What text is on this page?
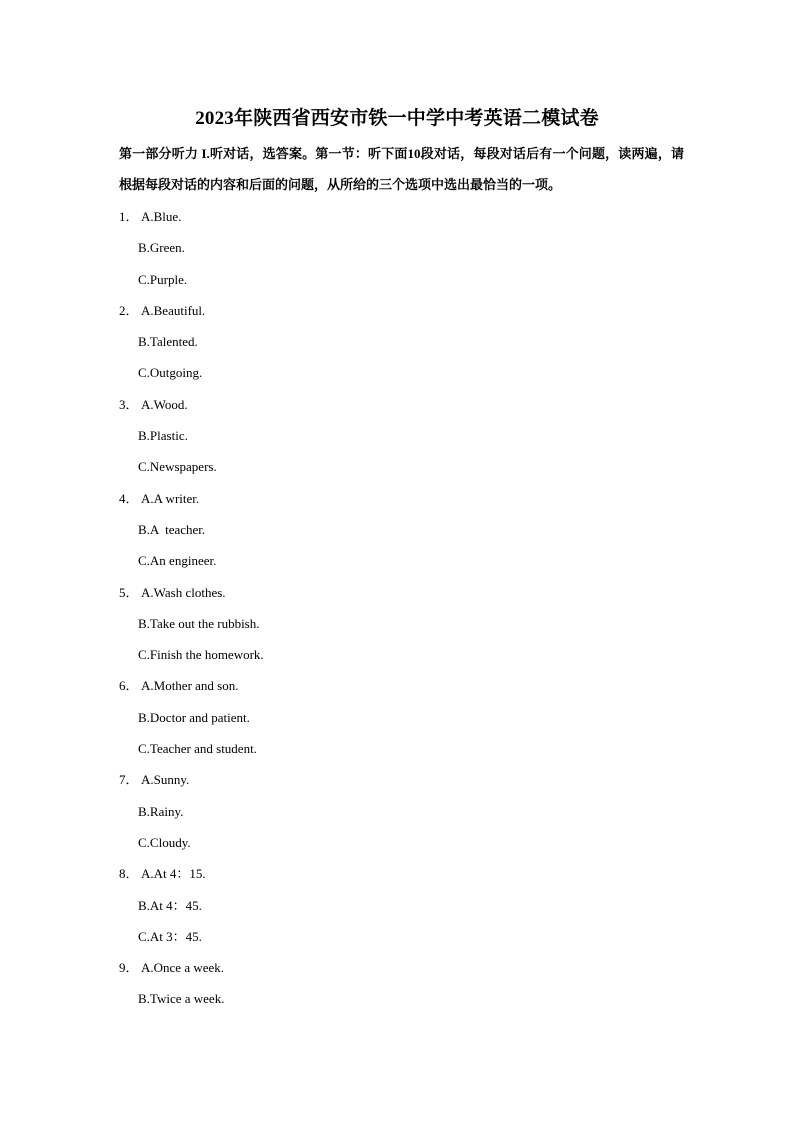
2023年陕西省西安市铁一中学中考英语二模试卷
第一部分听力 I.听对话，选答案。第一节：听下面10段对话，每段对话后有一个问题，读两遍，请根据每段对话的内容和后面的问题，从所给的三个选项中选出最恰当的一项。
1． A.Blue.
B.Green.
C.Purple.
2． A.Beautiful.
B.Talented.
C.Outgoing.
3． A.Wood.
B.Plastic.
C.Newspapers.
4． A.A writer.
B.A  teacher.
C.An engineer.
5． A.Wash clothes.
B.Take out the rubbish.
C.Finish the homework.
6． A.Mother and son.
B.Doctor and patient.
C.Teacher and student.
7． A.Sunny.
B.Rainy.
C.Cloudy.
8． A.At 4：15.
B.At 4：45.
C.At 3：45.
9． A.Once a week.
B.Twice a week.
